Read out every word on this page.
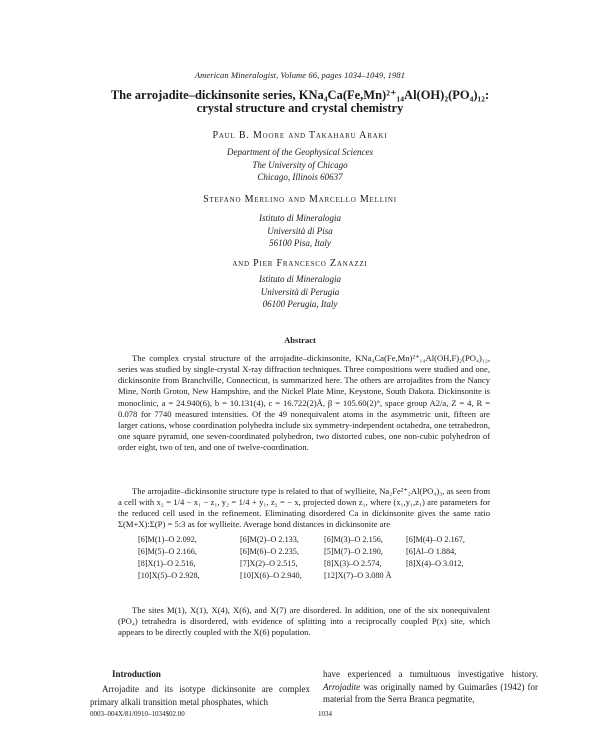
American Mineralogist, Volume 66, pages 1034–1049, 1981
The arrojadite–dickinsonite series, KNa₄Ca(Fe,Mn)²⁺₁₄Al(OH)₂(PO₄)₁₂:
crystal structure and crystal chemistry
Paul B. Moore and Takaharu Araki
Department of the Geophysical Sciences
The University of Chicago
Chicago, Illinois 60637
Stefano Merlino and Marcello Mellini
Istituto di Mineralogia
Università di Pisa
56100 Pisa, Italy
and Pier Francesco Zanazzi
Istituto di Mineralogia
Università di Perugia
06100 Perugia, Italy
Abstract

The complex crystal structure of the arrojadite–dickinsonite, KNa₄Ca(Fe,Mn)²⁺₁₄Al(OH,F)₂(PO₄)₁₂, series was studied by single-crystal X-ray diffraction techniques. Three compositions were studied and one, dickinsonite from Branchville, Connecticut, is summarized here. The others are arrojadites from the Nancy Mine, North Groton, New Hampshire, and the Nickel Plate Mine, Keystone, South Dakota. Dickinsonite is monoclinic, a = 24.940(6), b = 10.131(4), c = 16.722(2)Å, β = 105.60(2)°, space group A2/a, Z = 4, R = 0.078 for 7740 measured intensities. Of the 49 nonequivalent atoms in the asymmetric unit, fifteen are larger cations, whose coordination polyhedra include six symmetry-independent octahedra, one tetrahedron, one square pyramid, one seven-coordinated polyhedron, two distorted cubes, one non-cubic polyhedron of order eight, two of ten, and one of twelve-coordination.

The arrojadite–dickinsonite structure type is related to that of wyllieite, Na₂Fe²⁺₂Al(PO₄)₃, as seen from a cell with x₂ = 1/4 − x₁ − z₁, y₂ = 1/4 + y₁, z₂ = − x, projected down z₁, where (x₁,y₁,z₁) are parameters for the reduced cell used in the refinement. Eliminating disordered Ca in dickinsonite gives the same ratio Σ(M+X):Σ(P) = 5:3 as for wyllieite. Average bond distances in dickinsonite are

[6]M(1)–O 2.092,	[6]M(2)–O 2.133,	[6]M(3)–O 2.156,	[6]M(4)–O 2.167,
[6]M(5)–O 2.166,	[6]M(6)–O 2.235,	[5]M(7)–O 2.190,	[6]Al–O 1.884,
[8]X(1)–O 2.516,	[7]X(2)–O 2.515,	[8]X(3)–O 2.574,	[8]X(4)–O 3.012,
[10]X(5)–O 2.928,	[10]X(6)–O 2.940,	[12]X(7)–O 3.080 Å

The sites M(1), X(1), X(4), X(6), and X(7) are disordered. In addition, one of the six nonequivalent (PO₄) tetrahedra is disordered, with evidence of splitting into a reciprocally coupled P(x) site, which appears to be directly coupled with the X(6) population.

Introduction

Arrojadite and its isotype dickinsonite are complex primary alkali transition metal phosphates, which

have experienced a tumultuous investigative history. Arrojadite was originally named by Guimarães (1942) for material from the Serra Branca pegmatite,

0003–004X/81/0910–1034$02.00	1034
